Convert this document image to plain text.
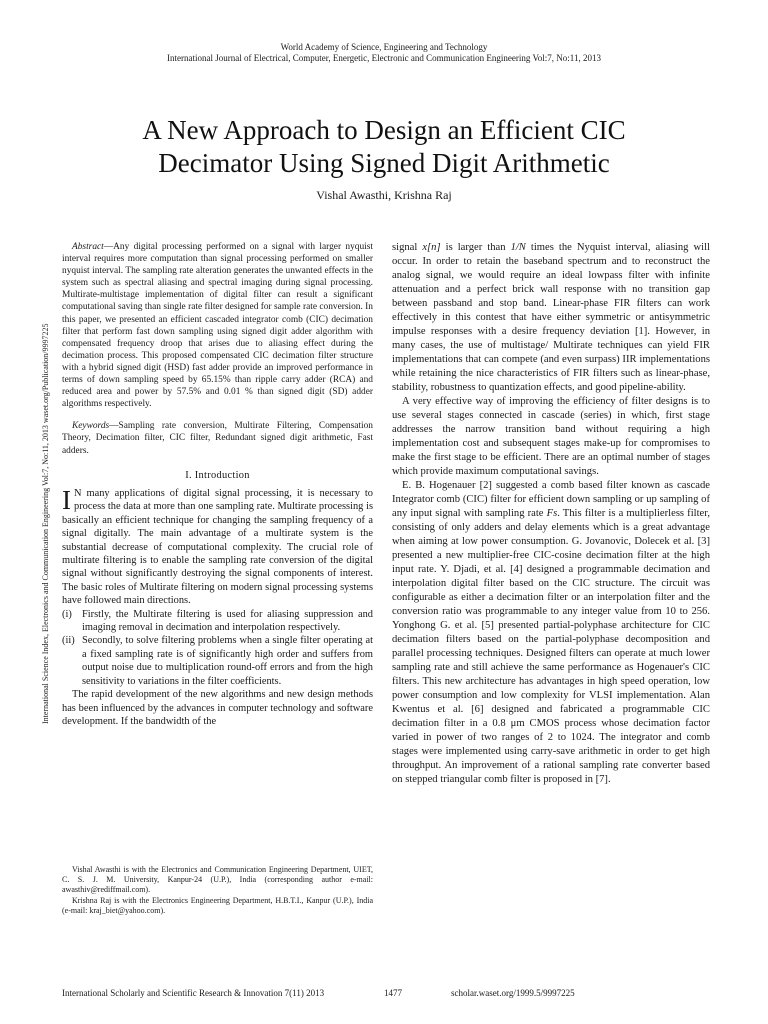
World Academy of Science, Engineering and Technology
International Journal of Electrical, Computer, Energetic, Electronic and Communication Engineering Vol:7, No:11, 2013
A New Approach to Design an Efficient CIC
Decimator Using Signed Digit Arithmetic
Vishal Awasthi, Krishna Raj
International Science Index, Electronics and Communication Engineering Vol:7, No:11, 2013 waset.org/Publication/9997225

Abstract—Any digital processing performed on a signal with larger nyquist interval requires more computation than signal processing performed on smaller nyquist interval. The sampling rate alteration generates the unwanted effects in the system such as spectral aliasing and spectral imaging during signal processing. Multirate-multistage implementation of digital filter can result a significant computational saving than single rate filter designed for sample rate conversion. In this paper, we presented an efficient cascaded integrator comb (CIC) decimation filter that perform fast down sampling using signed digit adder algorithm with compensated frequency droop that arises due to aliasing effect during the decimation process. This proposed compensated CIC decimation filter structure with a hybrid signed digit (HSD) fast adder provide an improved performance in terms of down sampling speed by 65.15% than ripple carry adder (RCA) and reduced area and power by 57.5% and 0.01 % than signed digit (SD) adder algorithms respectively.

Keywords—Sampling rate conversion, Multirate Filtering, Compensation Theory, Decimation filter, CIC filter, Redundant signed digit arithmetic, Fast adders.

I. Introduction

I N many applications of digital signal processing, it is necessary to process the data at more than one sampling rate. Multirate processing is basically an efficient technique for changing the sampling frequency of a signal digitally. The main advantage of a multirate system is the substantial decrease of computational complexity. The crucial role of multirate filtering is to enable the sampling rate conversion of the digital signal without significantly destroying the signal components of interest. The basic roles of Multirate filtering on modern signal processing systems have followed main directions.

(i) Firstly, the Multirate filtering is used for aliasing suppression and imaging removal in decimation and interpolation respectively.
(ii) Secondly, to solve filtering problems when a single filter operating at a fixed sampling rate is of significantly high order and suffers from output noise due to multiplication round-off errors and from the high sensitivity to variations in the filter coefficients.

The rapid development of the new algorithms and new design methods has been influenced by the advances in computer technology and software development. If the bandwidth of the

Vishal Awasthi is with the Electronics and Communication Engineering Department, UIET, C. S. J. M. University, Kanpur-24 (U.P.), India (corresponding author e-mail: awasthiv@rediffmail.com).

Krishna Raj is with the Electronics Engineering Department, H.B.T.I., Kanpur (U.P.), India (e-mail: kraj_biet@yahoo.com).

signal x[n] is larger than 1/N times the Nyquist interval, aliasing will occur. In order to retain the baseband spectrum and to reconstruct the analog signal, we would require an ideal lowpass filter with infinite attenuation and a perfect brick wall response with no transition gap between passband and stop band. Linear-phase FIR filters can work effectively in this contest that have either symmetric or antisymmetric impulse responses with a desire frequency deviation [1]. However, in many cases, the use of multistage/ Multirate techniques can yield FIR implementations that can compete (and even surpass) IIR implementations while retaining the nice characteristics of FIR filters such as linear-phase, stability, robustness to quantization effects, and good pipeline-ability.

A very effective way of improving the efficiency of filter designs is to use several stages connected in cascade (series) in which, first stage addresses the narrow transition band without requiring a high implementation cost and subsequent stages make-up for compromises to make the first stage to be efficient. There are an optimal number of stages which provide maximum computational savings.

E. B. Hogenauer [2] suggested a comb based filter known as cascade Integrator comb (CIC) filter for efficient down sampling or up sampling of any input signal with sampling rate Fs. This filter is a multiplierless filter, consisting of only adders and delay elements which is a great advantage when aiming at low power consumption. G. Jovanovic, Dolecek et al. [3] presented a new multiplier-free CIC-cosine decimation filter at the high input rate. Y. Djadi, et al. [4] designed a programmable decimation and interpolation digital filter based on the CIC structure. The circuit was configurable as either a decimation filter or an interpolation filter and the conversion ratio was programmable to any integer value from 10 to 256. Yonghong G. et al. [5] presented partial-polyphase architecture for CIC decimation filters based on the partial-polyphase decomposition and parallel processing techniques. Designed filters can operate at much lower sampling rate and still achieve the same performance as Hogenauer's CIC filters. This new architecture has advantages in high speed operation, low power consumption and low complexity for VLSI implementation. Alan Kwentus et al. [6] designed and fabricated a programmable CIC decimation filter in a 0.8 μm CMOS process whose decimation factor varied in power of two ranges of 2 to 1024. The integrator and comb stages were implemented using carry-save arithmetic in order to get high throughput. An improvement of a rational sampling rate converter based on stepped triangular comb filter is proposed in [7].

International Scholarly and Scientific Research & Innovation 7(11) 2013	1477	scholar.waset.org/1999.5/9997225
